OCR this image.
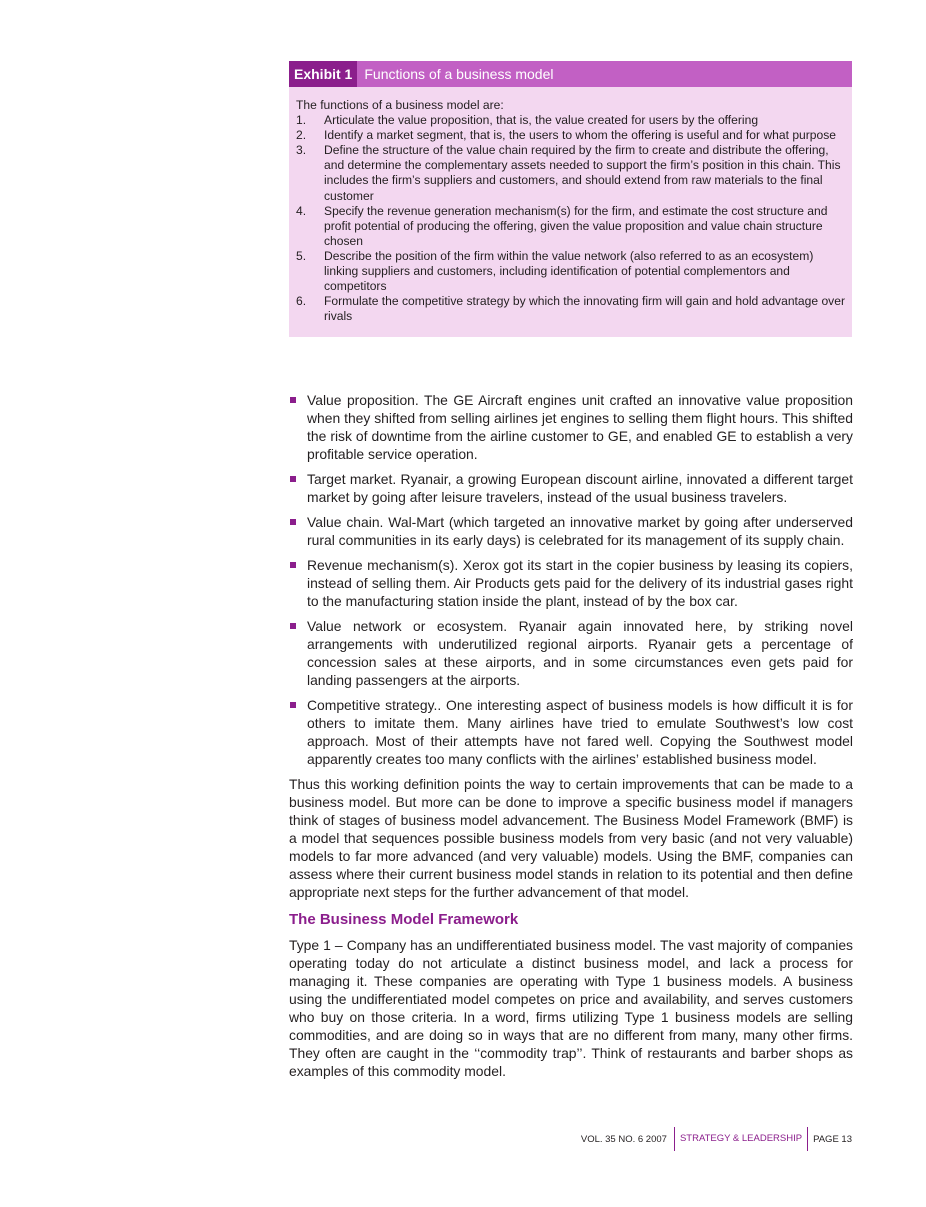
Exhibit 1 Functions of a business model

The functions of a business model are:

1.	Articulate the value proposition, that is, the value created for users by the offering
2.	Identify a market segment, that is, the users to whom the offering is useful and for what purpose
3.	Define the structure of the value chain required by the firm to create and distribute the offering, and determine the complementary assets needed to support the firm’s position in this chain. This includes the firm’s suppliers and customers, and should extend from raw materials to the final customer
4.	Specify the revenue generation mechanism(s) for the firm, and estimate the cost structure and profit potential of producing the offering, given the value proposition and value chain structure chosen
5.	Describe the position of the firm within the value network (also referred to as an ecosystem) linking suppliers and customers, including identification of potential complementors and competitors
6.	Formulate the competitive strategy by which the innovating firm will gain and hold advantage over rivals
Value proposition. The GE Aircraft engines unit crafted an innovative value proposition when they shifted from selling airlines jet engines to selling them flight hours. This shifted the risk of downtime from the airline customer to GE, and enabled GE to establish a very profitable service operation.
Target market. Ryanair, a growing European discount airline, innovated a different target market by going after leisure travelers, instead of the usual business travelers.
Value chain. Wal-Mart (which targeted an innovative market by going after underserved rural communities in its early days) is celebrated for its management of its supply chain.
Revenue mechanism(s). Xerox got its start in the copier business by leasing its copiers, instead of selling them. Air Products gets paid for the delivery of its industrial gases right to the manufacturing station inside the plant, instead of by the box car.
Value network or ecosystem. Ryanair again innovated here, by striking novel arrangements with underutilized regional airports. Ryanair gets a percentage of concession sales at these airports, and in some circumstances even gets paid for landing passengers at the airports.
Competitive strategy.. One interesting aspect of business models is how difficult it is for others to imitate them. Many airlines have tried to emulate Southwest’s low cost approach. Most of their attempts have not fared well. Copying the Southwest model apparently creates too many conflicts with the airlines’ established business model.

Thus this working definition points the way to certain improvements that can be made to a business model. But more can be done to improve a specific business model if managers think of stages of business model advancement. The Business Model Framework (BMF) is a model that sequences possible business models from very basic (and not very valuable) models to far more advanced (and very valuable) models. Using the BMF, companies can assess where their current business model stands in relation to its potential and then define appropriate next steps for the further advancement of that model.

The Business Model Framework

Type 1 – Company has an undifferentiated business model. The vast majority of companies operating today do not articulate a distinct business model, and lack a process for managing it. These companies are operating with Type 1 business models. A business using the undifferentiated model competes on price and availability, and serves customers who buy on those criteria. In a word, firms utilizing Type 1 business models are selling commodities, and are doing so in ways that are no different from many, many other firms. They often are caught in the ‘‘commodity trap’’. Think of restaurants and barber shops as examples of this commodity model.

VOL. 35 NO. 6 2007	STRATEGY & LEADERSHIP	PAGE 13
